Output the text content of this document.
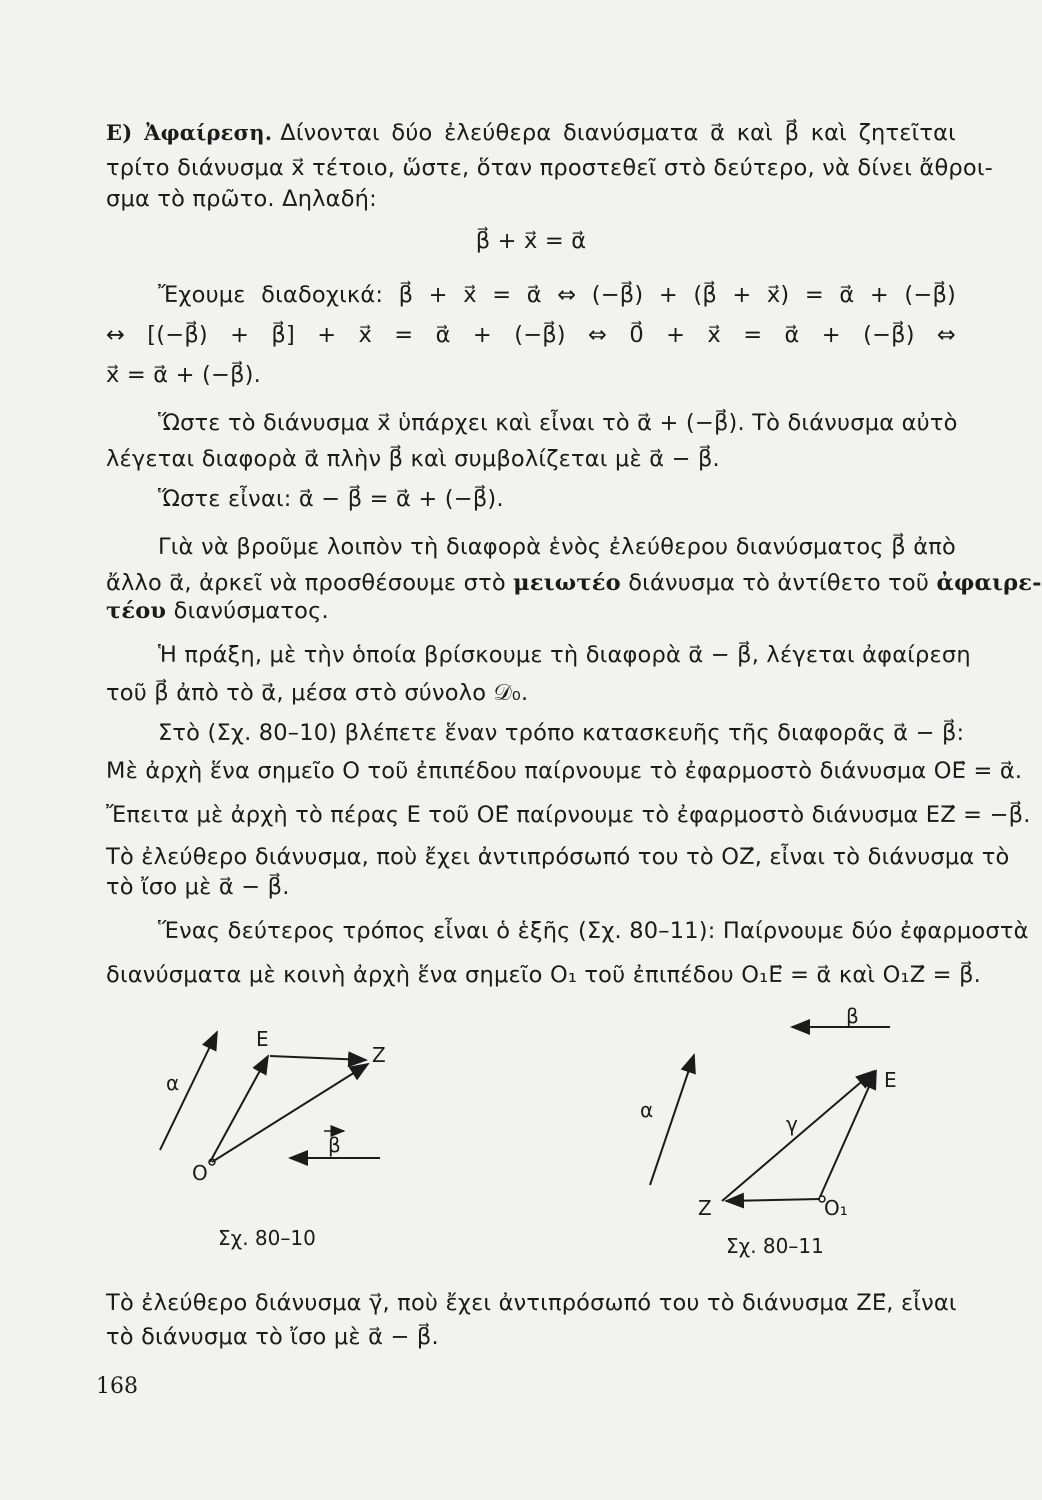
Ε) Ἀφαίρεση. Δίνονται δύο ἐλεύθερα διανύσματα α⃗ καὶ β⃗ καὶ ζητεῖται
τρίτο διάνυσμα x⃗ τέτοιο, ὥστε, ὅταν προστεθεῖ στὸ δεύτερο, νὰ δίνει ἄθροι-
σμα τὸ πρῶτο. Δηλαδή:
β⃗ + x⃗ = α⃗
Ἔχουμε διαδοχικά: β⃗ + x⃗ = α⃗ ⇔ (−β⃗) + (β⃗ + x⃗) = α⃗ + (−β⃗)
↔ [(−β⃗) + β⃗] + x⃗ = α⃗ + (−β⃗) ⇔ 0⃗ + x⃗ = α⃗ + (−β⃗) ⇔
x⃗ = α⃗ + (−β⃗).
Ὥστε τὸ διάνυσμα x⃗ ὑπάρχει καὶ εἶναι τὸ α⃗ + (−β⃗). Τὸ διάνυσμα αὐτὸ
λέγεται διαφορὰ α⃗ πλὴν β⃗ καὶ συμβολίζεται μὲ α⃗ − β⃗.
Ὥστε εἶναι: α⃗ − β⃗ = α⃗ + (−β⃗).
Γιὰ νὰ βροῦμε λοιπὸν τὴ διαφορὰ ἑνὸς ἐλεύθερου διανύσματος β⃗ ἀπὸ
ἄλλο α⃗, ἀρκεῖ νὰ προσθέσουμε στὸ μειωτέο διάνυσμα τὸ ἀντίθετο τοῦ ἀφαιρε-
τέου διανύσματος.
Ἡ πράξη, μὲ τὴν ὁποία βρίσκουμε τὴ διαφορὰ α⃗ − β⃗, λέγεται ἀφαίρεση
τοῦ β⃗ ἀπὸ τὸ α⃗, μέσα στὸ σύνολο 𝒟₀.
Στὸ (Σχ. 80–10) βλέπετε ἕναν τρόπο κατασκευῆς τῆς διαφορᾶς α⃗ − β⃗:
Μὲ ἀρχὴ ἕνα σημεῖο Ο τοῦ ἐπιπέδου παίρνουμε τὸ ἐφαρμοστὸ διάνυσμα ΟΕ⃗ = α⃗.
Ἔπειτα μὲ ἀρχὴ τὸ πέρας Ε τοῦ ΟΕ⃗ παίρνουμε τὸ ἐφαρμοστὸ διάνυσμα ΕΖ⃗ = −β⃗.
Τὸ ἐλεύθερο διάνυσμα, ποὺ ἔχει ἀντιπρόσωπό του τὸ ΟΖ⃗, εἶναι τὸ διάνυσμα τὸ
τὸ ἴσο μὲ α⃗ − β⃗.
Ἕνας δεύτερος τρόπος εἶναι ὁ ἑξῆς (Σχ. 80–11): Παίρνουμε δύο ἐφαρμοστὰ
διανύσματα μὲ κοινὴ ἀρχὴ ἕνα σημεῖο Ο₁ τοῦ ἐπιπέδου Ο₁Ε⃗ = α⃗ καὶ Ο₁Ζ⃗ = β⃗.
Τὸ ἐλεύθερο διάνυσμα γ⃗, ποὺ ἔχει ἀντιπρόσωπό του τὸ διάνυσμα ΖΕ⃗, εἶναι
τὸ διάνυσμα τὸ ἴσο μὲ α⃗ − β⃗.
α
β
O
E
Z
Σχ. 80–10
β
α
γ
O₁
E
Z
Σχ. 80–11
168
